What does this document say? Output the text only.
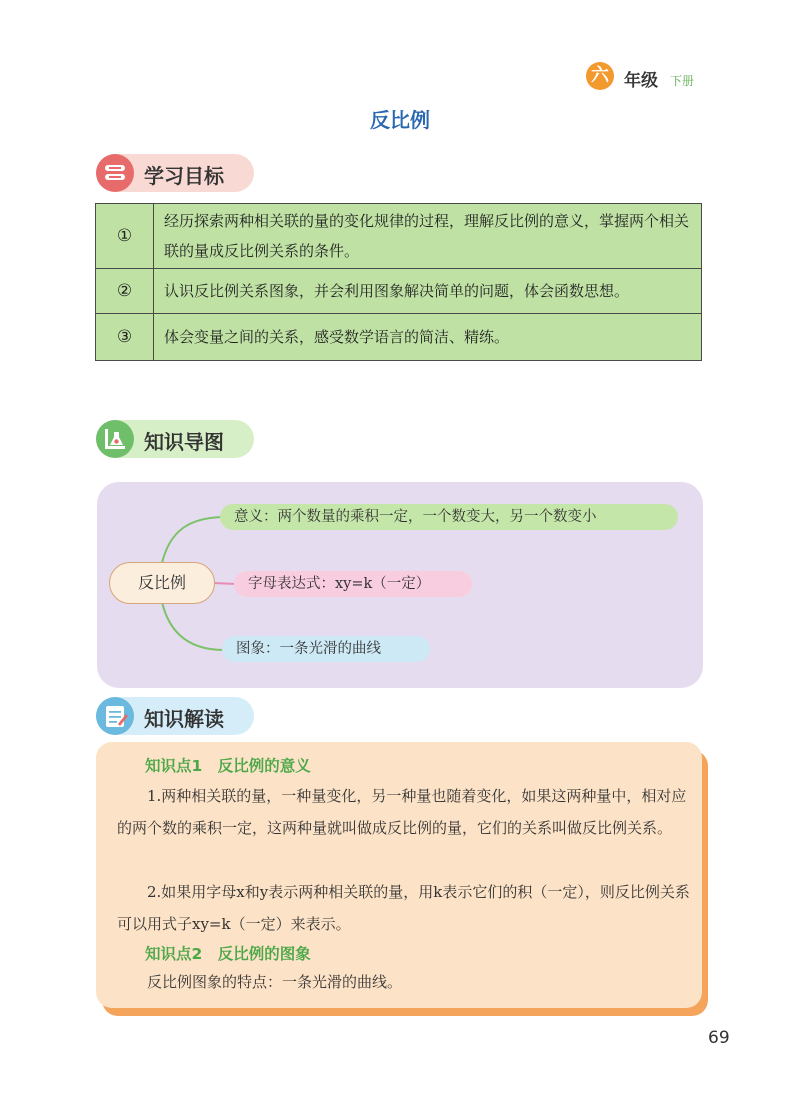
六 年级 下册
反比例
学习目标
①	经历探索两种相关联的量的变化规律的过程，理解反比例的意义，掌握两个相关联的量成反比例关系的条件。
②	认识反比例关系图象，并会利用图象解决简单的问题，体会函数思想。
③	体会变量之间的关系，感受数学语言的简洁、精练。
知识导图
反比例
意义：两个数量的乘积一定，一个数变大，另一个数变小
字母表达式：xy=k（一定）
图象：一条光滑的曲线
知识解读
知识点1　反比例的意义
1.两种相关联的量，一种量变化，另一种量也随着变化，如果这两种量中，相对应的两个数的乘积一定，这两种量就叫做成反比例的量，它们的关系叫做反比例关系。
2.如果用字母x和y表示两种相关联的量，用k表示它们的积（一定），则反比例关系可以用式子xy=k（一定）来表示。
知识点2　反比例的图象
反比例图象的特点：一条光滑的曲线。
69
